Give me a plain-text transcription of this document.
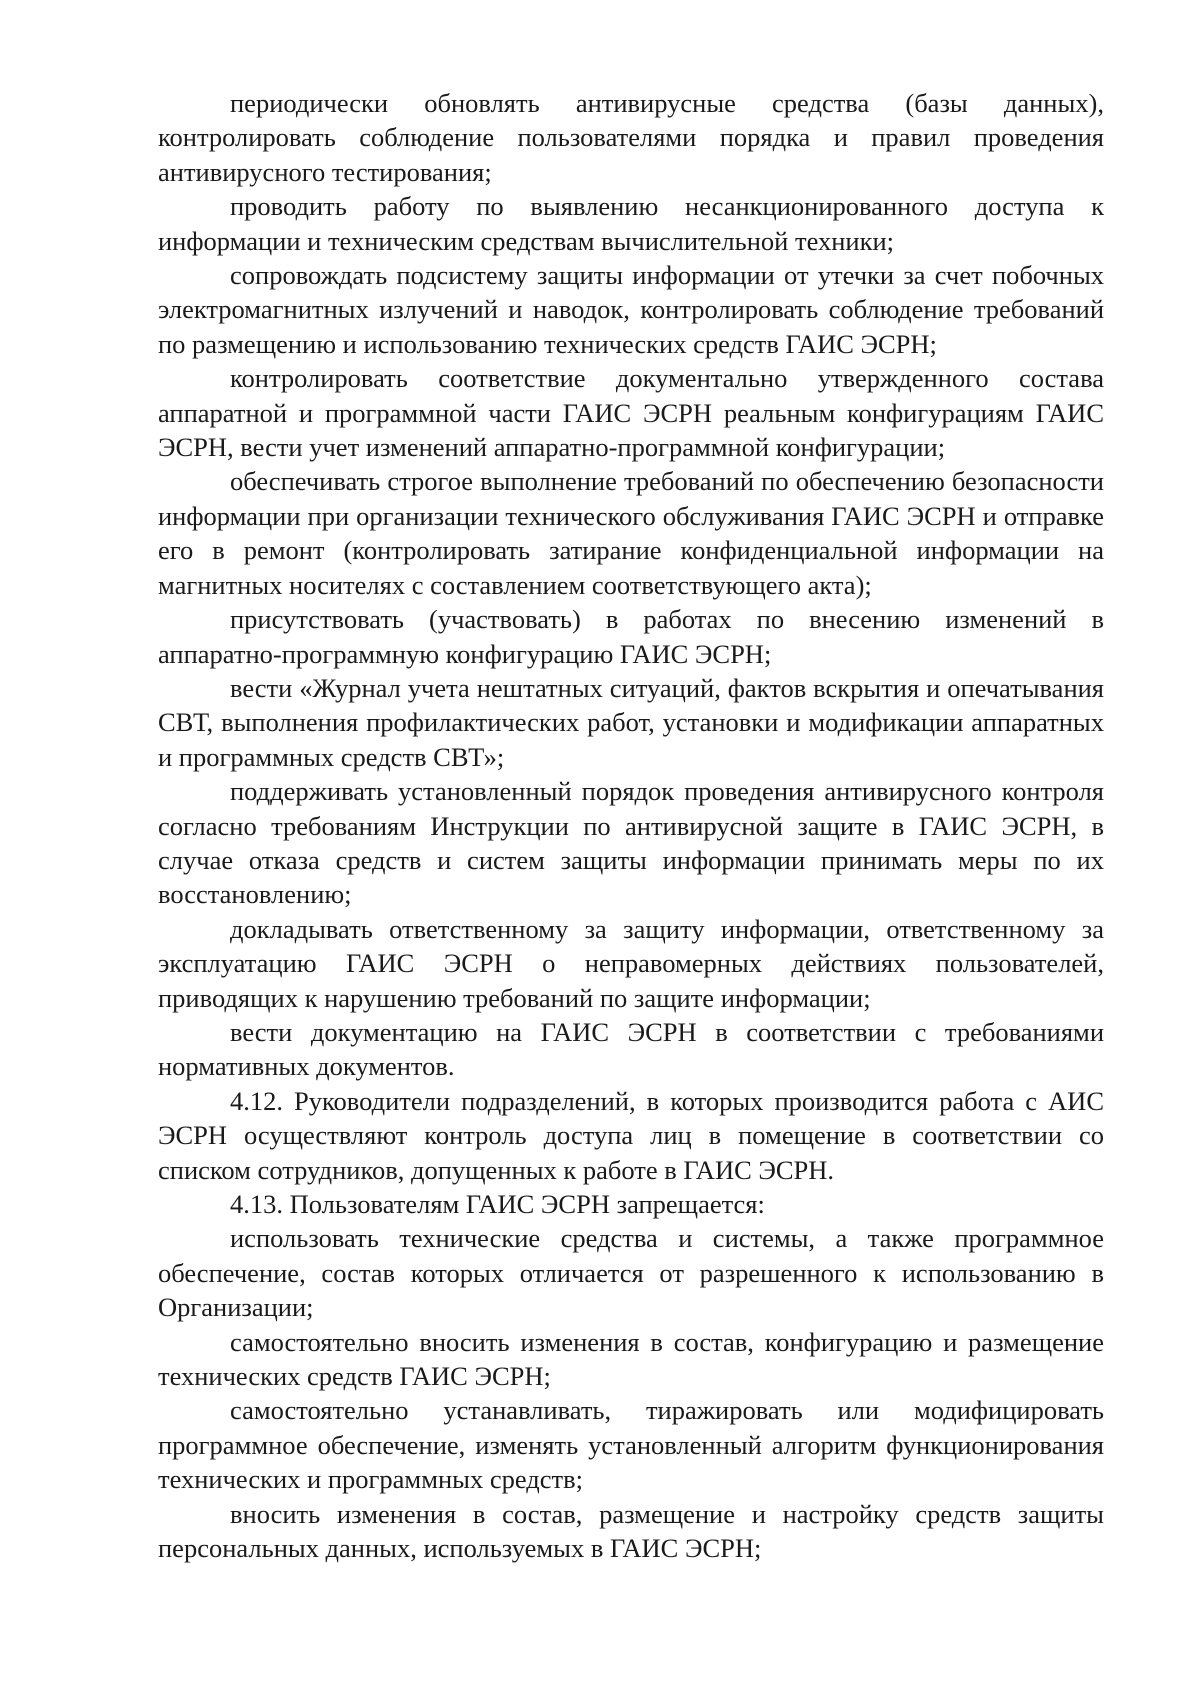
периодически обновлять антивирусные средства (базы данных), контролировать соблюдение пользователями порядка и правил проведения антивирусного тестирования;

проводить работу по выявлению несанкционированного доступа к информации и техническим средствам вычислительной техники;

сопровождать подсистему защиты информации от утечки за счет побочных электромагнитных излучений и наводок, контролировать соблюдение требований по размещению и использованию технических средств ГАИС ЭСРН;

контролировать соответствие документально утвержденного состава аппаратной и программной части ГАИС ЭСРН реальным конфигурациям ГАИС ЭСРН, вести учет изменений аппаратно-программной конфигурации;

обеспечивать строгое выполнение требований по обеспечению безопасности информации при организации технического обслуживания ГАИС ЭСРН и отправке его в ремонт (контролировать затирание конфиденциальной информации на магнитных носителях с составлением соответствующего акта);

присутствовать (участвовать) в работах по внесению изменений в аппаратно-программную конфигурацию ГАИС ЭСРН;

вести «Журнал учета нештатных ситуаций, фактов вскрытия и опечатывания СВТ, выполнения профилактических работ, установки и модификации аппаратных и программных средств СВТ»;

поддерживать установленный порядок проведения антивирусного контроля согласно требованиям Инструкции по антивирусной защите в ГАИС ЭСРН, в случае отказа средств и систем защиты информации принимать меры по их восстановлению;

докладывать ответственному за защиту информации, ответственному за эксплуатацию ГАИС ЭСРН о неправомерных действиях пользователей, приводящих к нарушению требований по защите информации;

вести документацию на ГАИС ЭСРН в соответствии с требованиями нормативных документов.

4.12. Руководители подразделений, в которых производится работа с АИС ЭСРН осуществляют контроль доступа лиц в помещение в соответствии со списком сотрудников, допущенных к работе в ГАИС ЭСРН.

4.13. Пользователям ГАИС ЭСРН запрещается:

использовать технические средства и системы, а также программное обеспечение, состав которых отличается от разрешенного к использованию в Организации;

самостоятельно вносить изменения в состав, конфигурацию и размещение технических средств ГАИС ЭСРН;

самостоятельно устанавливать, тиражировать или модифицировать программное обеспечение, изменять установленный алгоритм функционирования технических и программных средств;

вносить изменения в состав, размещение и настройку средств защиты персональных данных, используемых в ГАИС ЭСРН;
